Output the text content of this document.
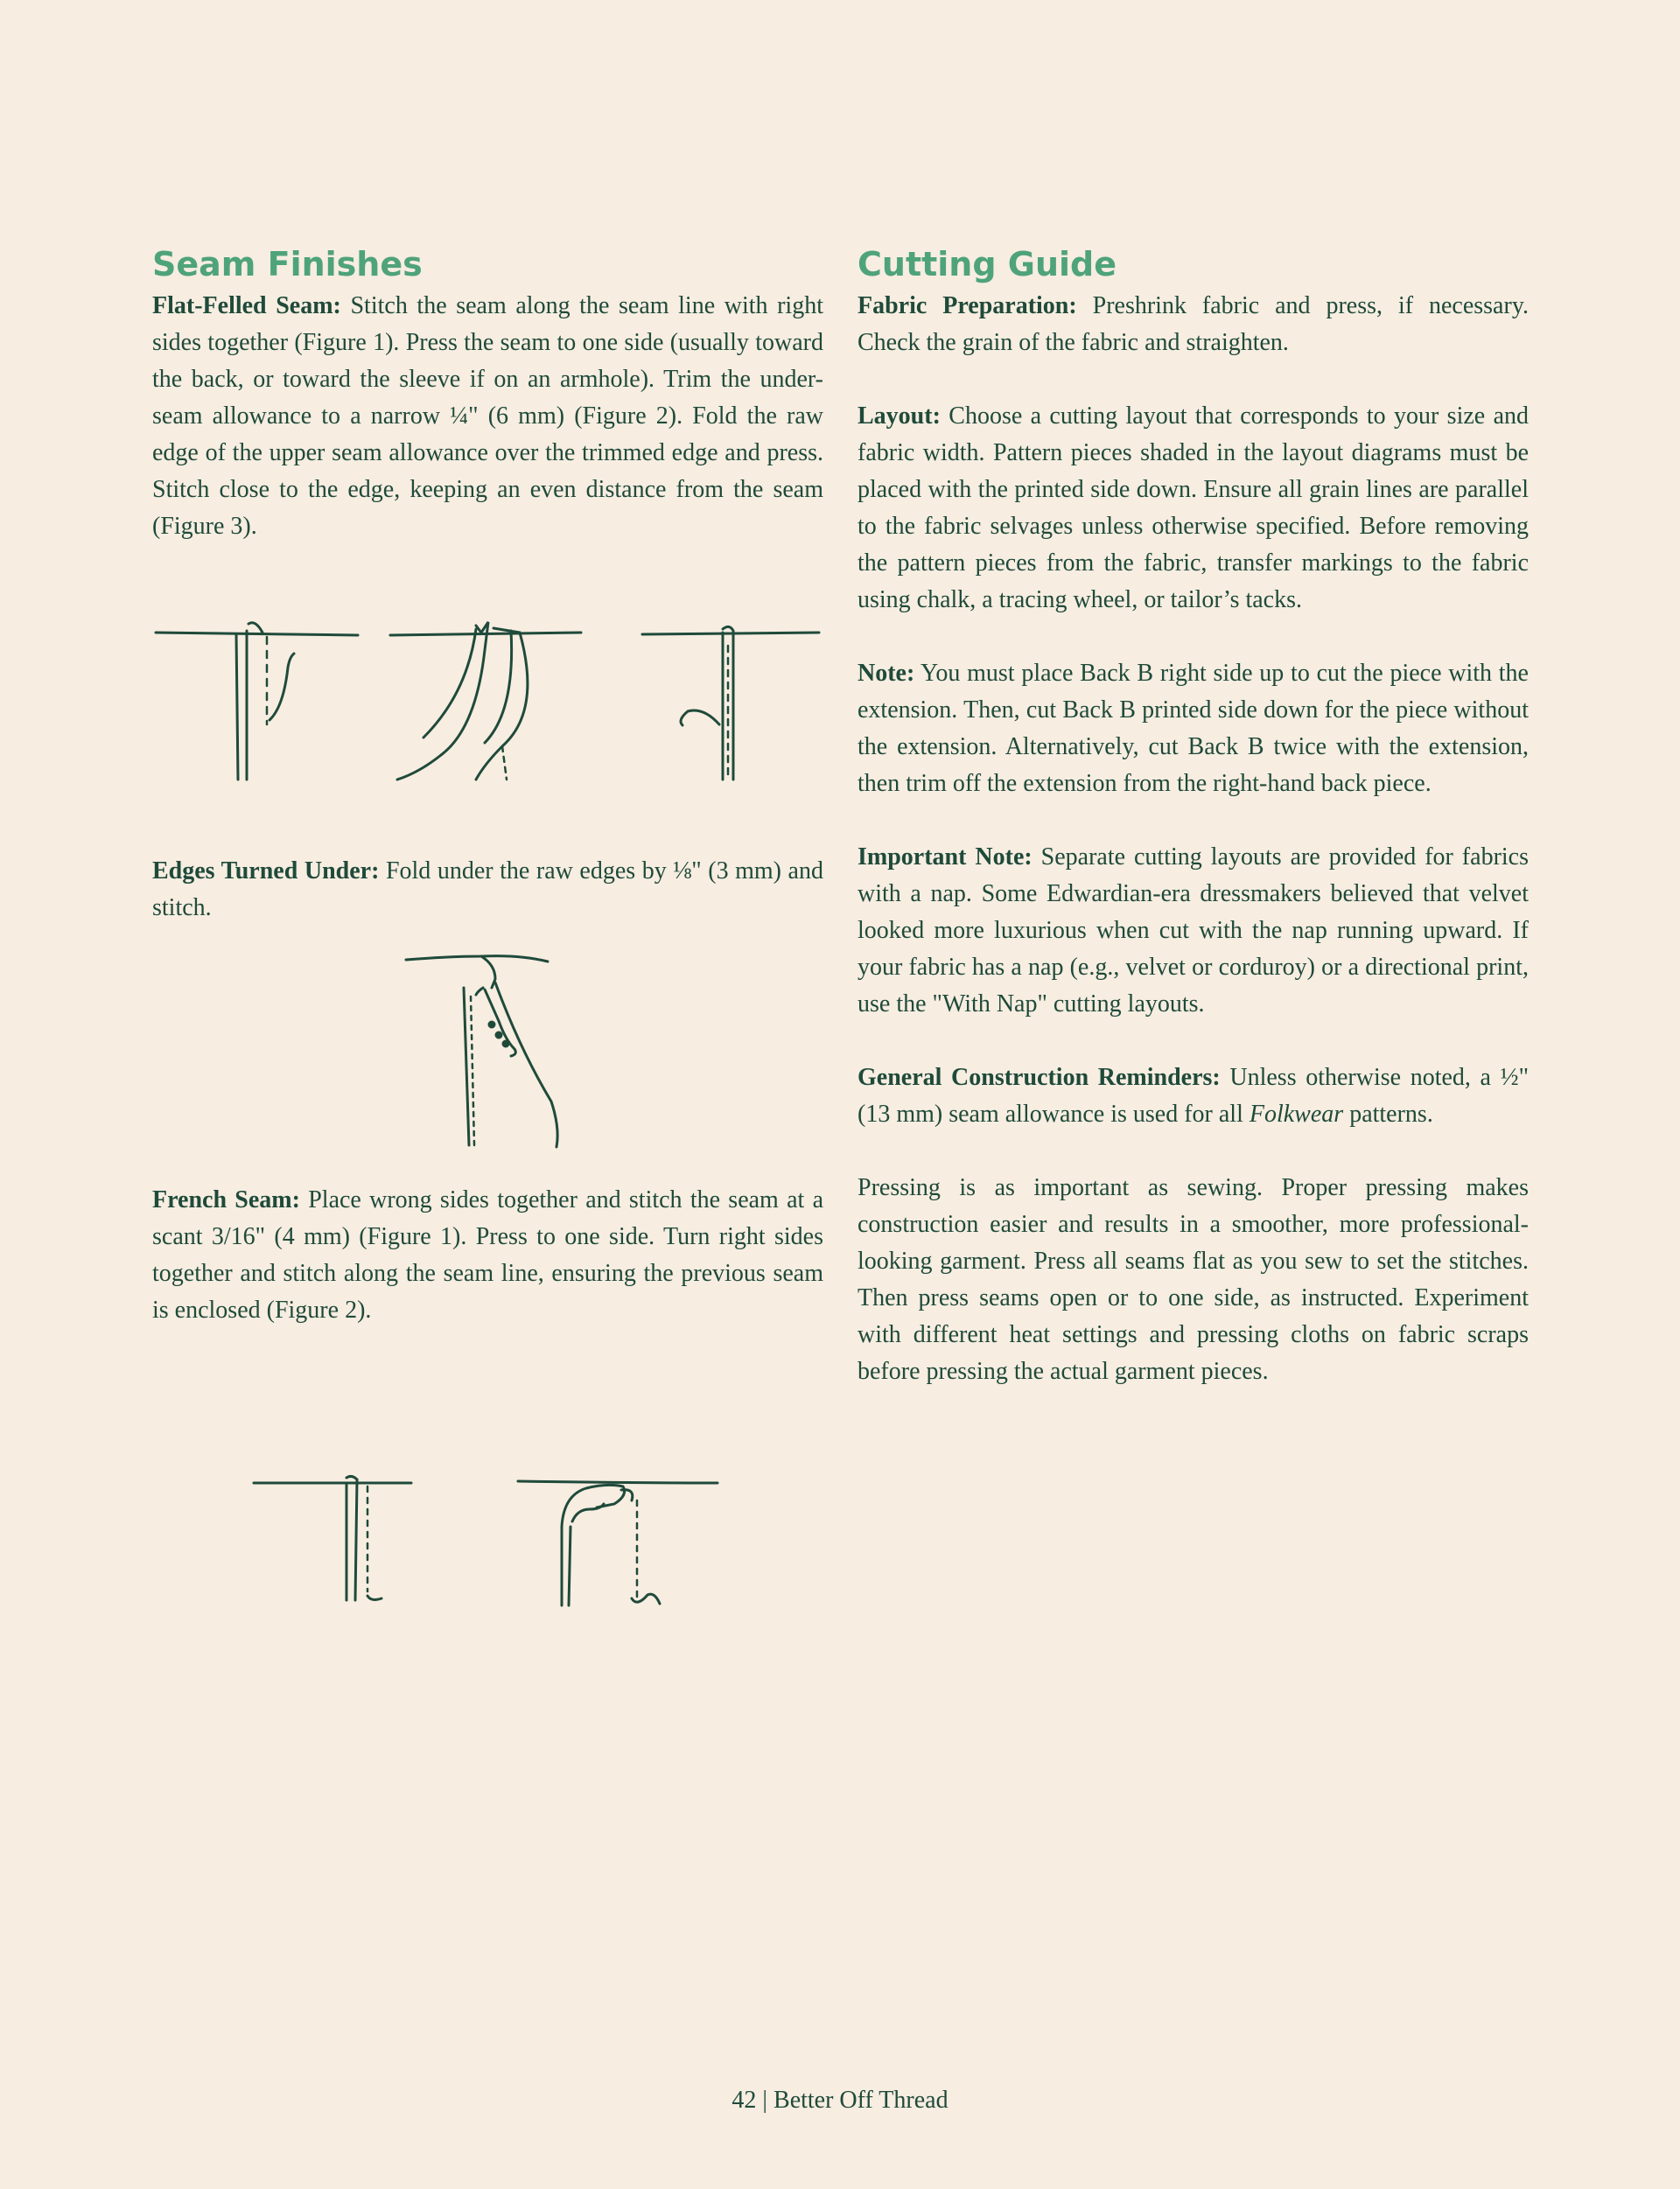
Seam Finishes

Flat-Felled Seam: Stitch the seam along the seam line with right sides together (Figure 1). Press the seam to one side (usually toward the back, or toward the sleeve if on an armhole). Trim the under-seam allowance to a narrow ¼" (6 mm) (Figure 2). Fold the raw edge of the upper seam allowance over the trimmed edge and press. Stitch close to the edge, keeping an even distance from the seam (Figure 3).

Edges Turned Under: Fold under the raw edges by ⅛" (3 mm) and stitch.

French Seam: Place wrong sides together and stitch the seam at a scant 3/16" (4 mm) (Figure 1). Press to one side. Turn right sides together and stitch along the seam line, ensuring the previous seam is enclosed (Figure 2).

Cutting Guide

Fabric Preparation: Preshrink fabric and press, if necessary. Check the grain of the fabric and straighten.

Layout: Choose a cutting layout that corresponds to your size and fabric width. Pattern pieces shaded in the layout diagrams must be placed with the printed side down. Ensure all grain lines are parallel to the fabric selvages unless otherwise specified. Before removing the pattern pieces from the fabric, transfer markings to the fabric using chalk, a tracing wheel, or tailor’s tacks.

Note: You must place Back B right side up to cut the piece with the extension. Then, cut Back B printed side down for the piece without the extension. Alternatively, cut Back B twice with the extension, then trim off the extension from the right-hand back piece.

Important Note: Separate cutting layouts are provided for fabrics with a nap. Some Edwardian-era dressmakers believed that velvet looked more luxurious when cut with the nap running upward. If your fabric has a nap (e.g., velvet or corduroy) or a directional print, use the "With Nap" cutting layouts.

General Construction Reminders: Unless otherwise noted, a ½" (13 mm) seam allowance is used for all Folkwear patterns.

Pressing is as important as sewing. Proper pressing makes construction easier and results in a smoother, more professional-looking garment. Press all seams flat as you sew to set the stitches. Then press seams open or to one side, as instructed. Experiment with different heat settings and pressing cloths on fabric scraps before pressing the actual garment pieces.

42 | Better Off Thread
